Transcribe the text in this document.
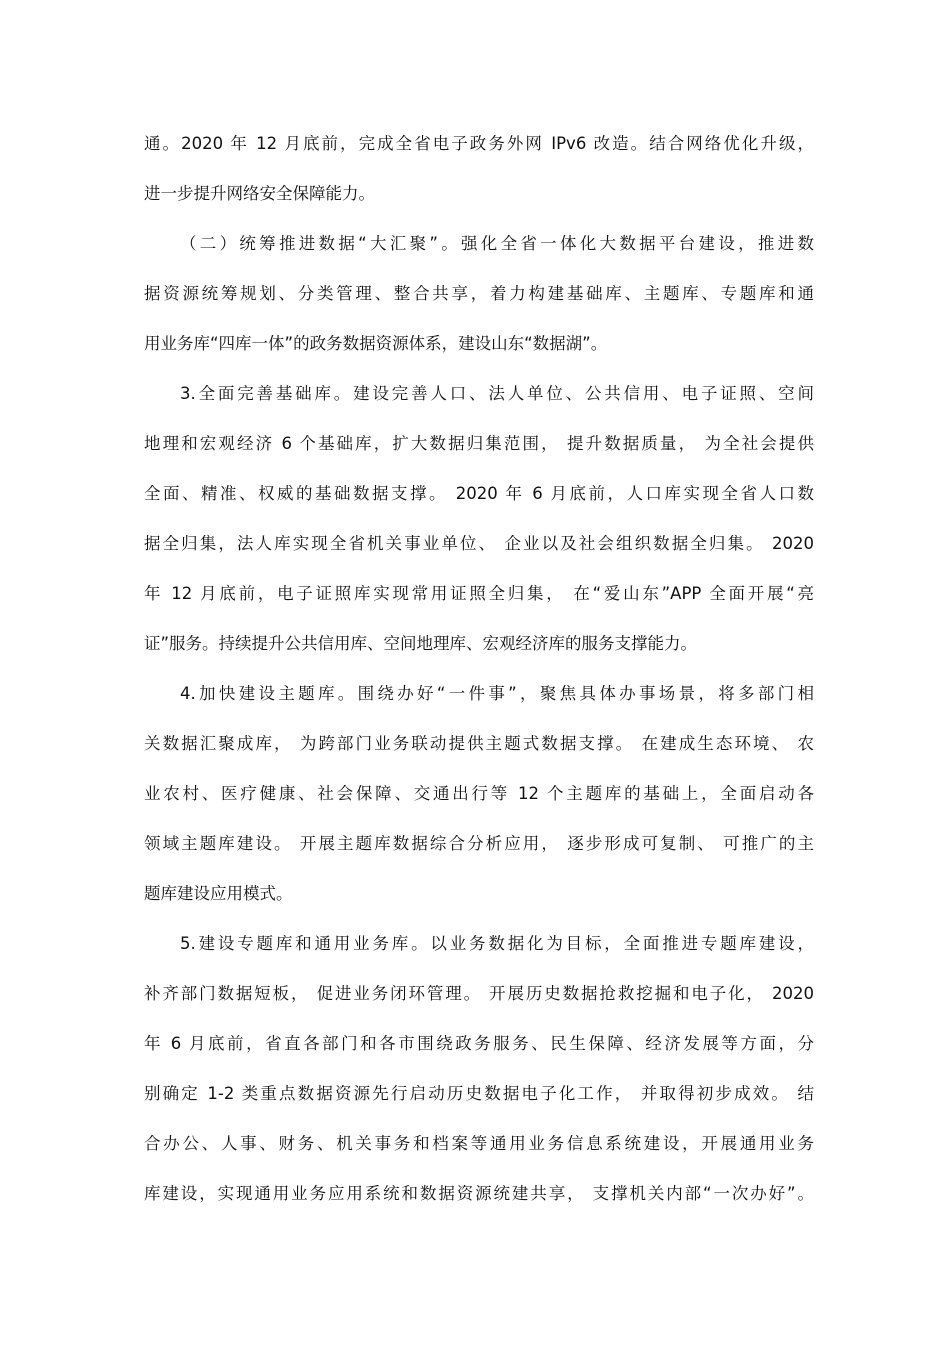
通。2020 年 12 月底前，完成全省电子政务外网 IPv6 改造。结合网络优化升级，
进一步提升网络安全保障能力。
（二）统筹推进数据“大汇聚”。强化全省一体化大数据平台建设，推进数
据资源统筹规划、分类管理、整合共享，着力构建基础库、主题库、专题库和通
用业务库“四库一体”的政务数据资源体系，建设山东“数据湖”。
3.全面完善基础库。建设完善人口、法人单位、公共信用、电子证照、空间
地理和宏观经济 6 个基础库，扩大数据归集范围， 提升数据质量， 为全社会提供
全面、精准、权威的基础数据支撑。 2020 年 6 月底前，人口库实现全省人口数
据全归集，法人库实现全省机关事业单位、 企业以及社会组织数据全归集。 2020
年 12 月底前，电子证照库实现常用证照全归集， 在“爱山东”APP 全面开展“亮
证”服务。持续提升公共信用库、空间地理库、宏观经济库的服务支撑能力。
4.加快建设主题库。围绕办好“一件事”，聚焦具体办事场景，将多部门相
关数据汇聚成库， 为跨部门业务联动提供主题式数据支撑。 在建成生态环境、 农
业农村、医疗健康、社会保障、交通出行等 12 个主题库的基础上，全面启动各
领域主题库建设。 开展主题库数据综合分析应用， 逐步形成可复制、 可推广的主
题库建设应用模式。
5.建设专题库和通用业务库。以业务数据化为目标，全面推进专题库建设，
补齐部门数据短板， 促进业务闭环管理。 开展历史数据抢救挖掘和电子化， 2020
年 6 月底前，省直各部门和各市围绕政务服务、民生保障、经济发展等方面，分
别确定 1-2 类重点数据资源先行启动历史数据电子化工作， 并取得初步成效。 结
合办公、人事、财务、机关事务和档案等通用业务信息系统建设，开展通用业务
库建设，实现通用业务应用系统和数据资源统建共享， 支撑机关内部“一次办好”。
